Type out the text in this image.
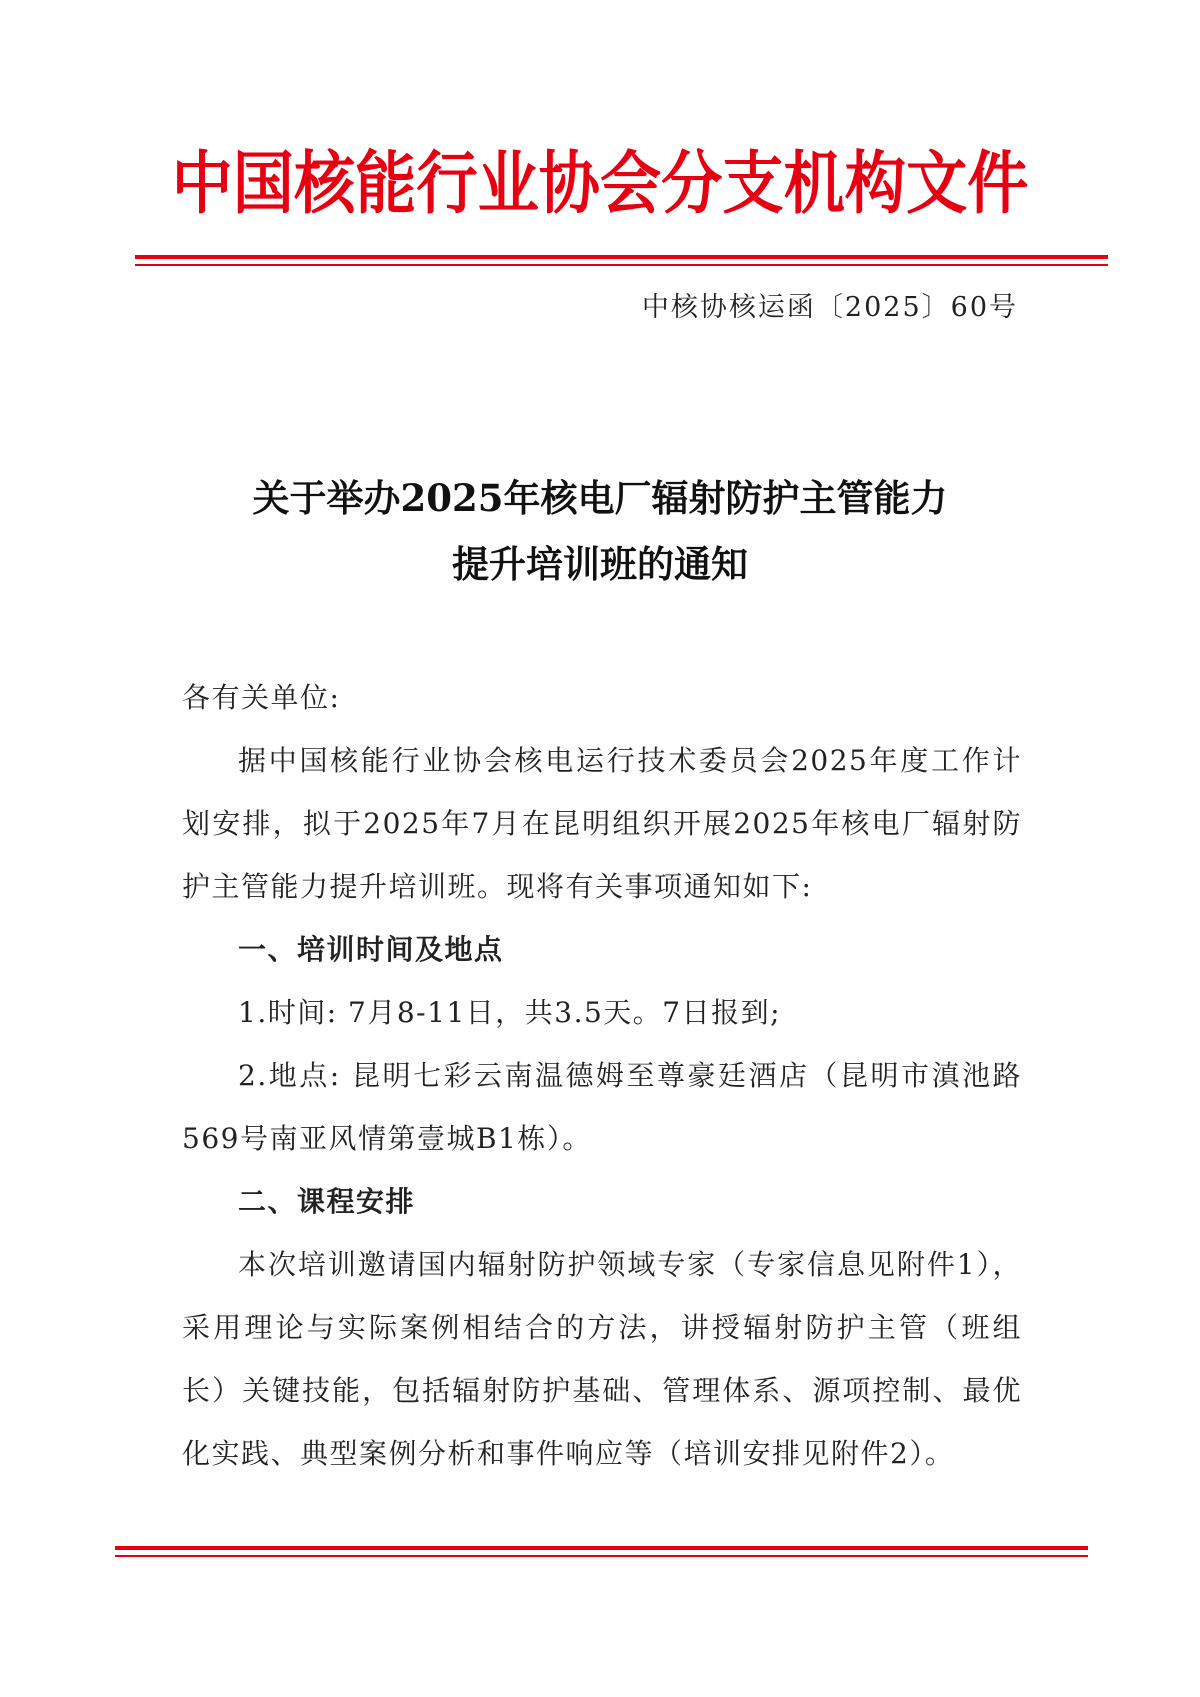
中国核能行业协会分支机构文件
中核协核运函〔2025〕60号
关于举办2025年核电厂辐射防护主管能力
提升培训班的通知

各有关单位:

据中国核能行业协会核电运行技术委员会2025年度工作计划安排，拟于2025年7月在昆明组织开展2025年核电厂辐射防护主管能力提升培训班。现将有关事项通知如下:

一、培训时间及地点

1.时间: 7月8-11日，共3.5天。7日报到;

2.地点: 昆明七彩云南温德姆至尊豪廷酒店（昆明市滇池路569号南亚风情第壹城B1栋）。

二、课程安排

本次培训邀请国内辐射防护领域专家（专家信息见附件1），采用理论与实际案例相结合的方法，讲授辐射防护主管（班组长）关键技能，包括辐射防护基础、管理体系、源项控制、最优化实践、典型案例分析和事件响应等（培训安排见附件2）。
